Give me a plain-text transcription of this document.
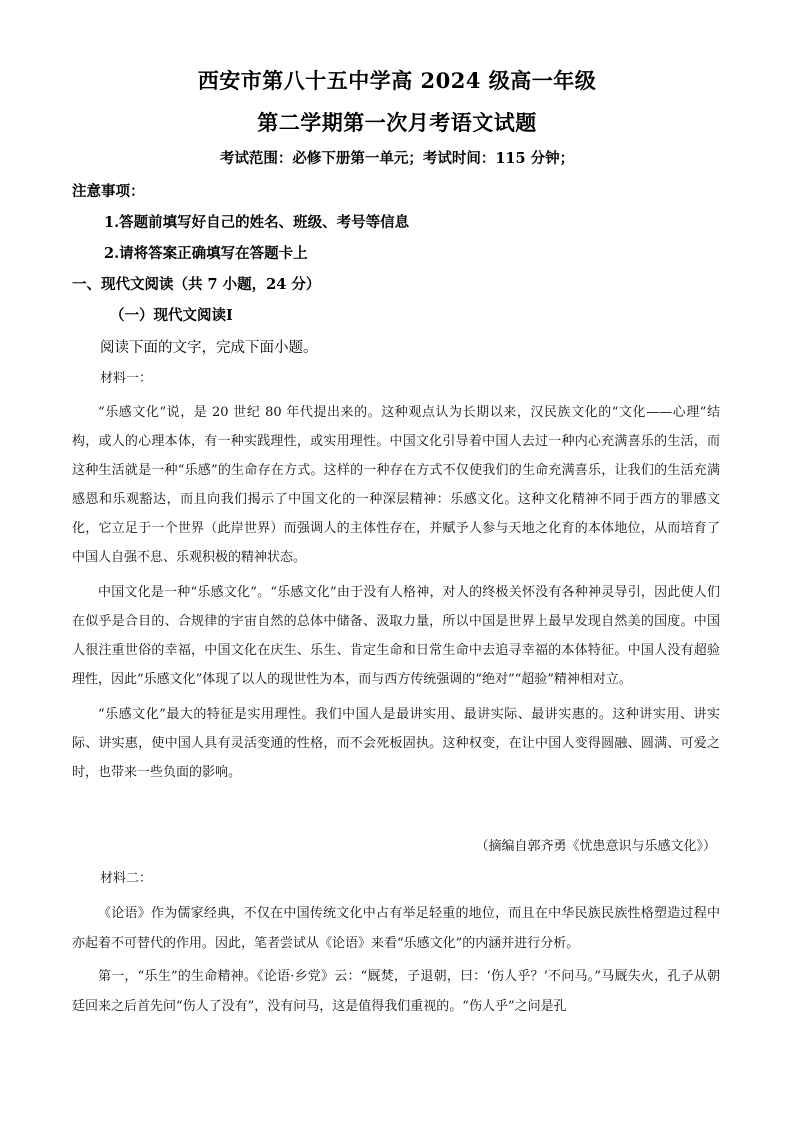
西安市第八十五中学高 2024 级高一年级
第二学期第一次月考语文试题
考试范围：必修下册第一单元；考试时间：115 分钟；
注意事项：
1.答题前填写好自己的姓名、班级、考号等信息
2.请将答案正确填写在答题卡上
一、现代文阅读（共 7 小题，24 分）
（一）现代文阅读Ⅰ
阅读下面的文字，完成下面小题。
材料一：

“乐感文化”说，是 20 世纪 80 年代提出来的。这种观点认为长期以来，汉民族文化的“文化——心理”结构，或人的心理本体，有一种实践理性，或实用理性。中国文化引导着中国人去过一种内心充满喜乐的生活，而这种生活就是一种“乐感”的生命存在方式。这样的一种存在方式不仅使我们的生命充满喜乐，让我们的生活充满感恩和乐观豁达，而且向我们揭示了中国文化的一种深层精神：乐感文化。这种文化精神不同于西方的罪感文化，它立足于一个世界（此岸世界）而强调人的主体性存在，并赋予人参与天地之化育的本体地位，从而培育了中国人自强不息、乐观积极的精神状态。

中国文化是一种“乐感文化”。“乐感文化”由于没有人格神，对人的终极关怀没有各种神灵导引，因此使人们在似乎是合目的、合规律的宇宙自然的总体中储备、汲取力量，所以中国是世界上最早发现自然美的国度。中国人很注重世俗的幸福，中国文化在庆生、乐生、肯定生命和日常生命中去追寻幸福的本体特征。中国人没有超验理性，因此“乐感文化”体现了以人的现世性为本，而与西方传统强调的“绝对”“超验”精神相对立。

“乐感文化”最大的特征是实用理性。我们中国人是最讲实用、最讲实际、最讲实惠的。这种讲实用、讲实际、讲实惠，使中国人具有灵活变通的性格，而不会死板固执。这种权变，在让中国人变得圆融、圆满、可爱之时，也带来一些负面的影响。

（摘编自郭齐勇《忧患意识与乐感文化》）
材料二：

《论语》作为儒家经典，不仅在中国传统文化中占有举足轻重的地位，而且在中华民族民族性格塑造过程中亦起着不可替代的作用。因此，笔者尝试从《论语》来看“乐感文化”的内涵并进行分析。

第一，“乐生”的生命精神。《论语·乡党》云：“厩焚，子退朝，曰：‘伤人乎？’不问马。”马厩失火，孔子从朝廷回来之后首先问“伤人了没有”，没有问马，这是值得我们重视的。“伤人乎”之问是孔
